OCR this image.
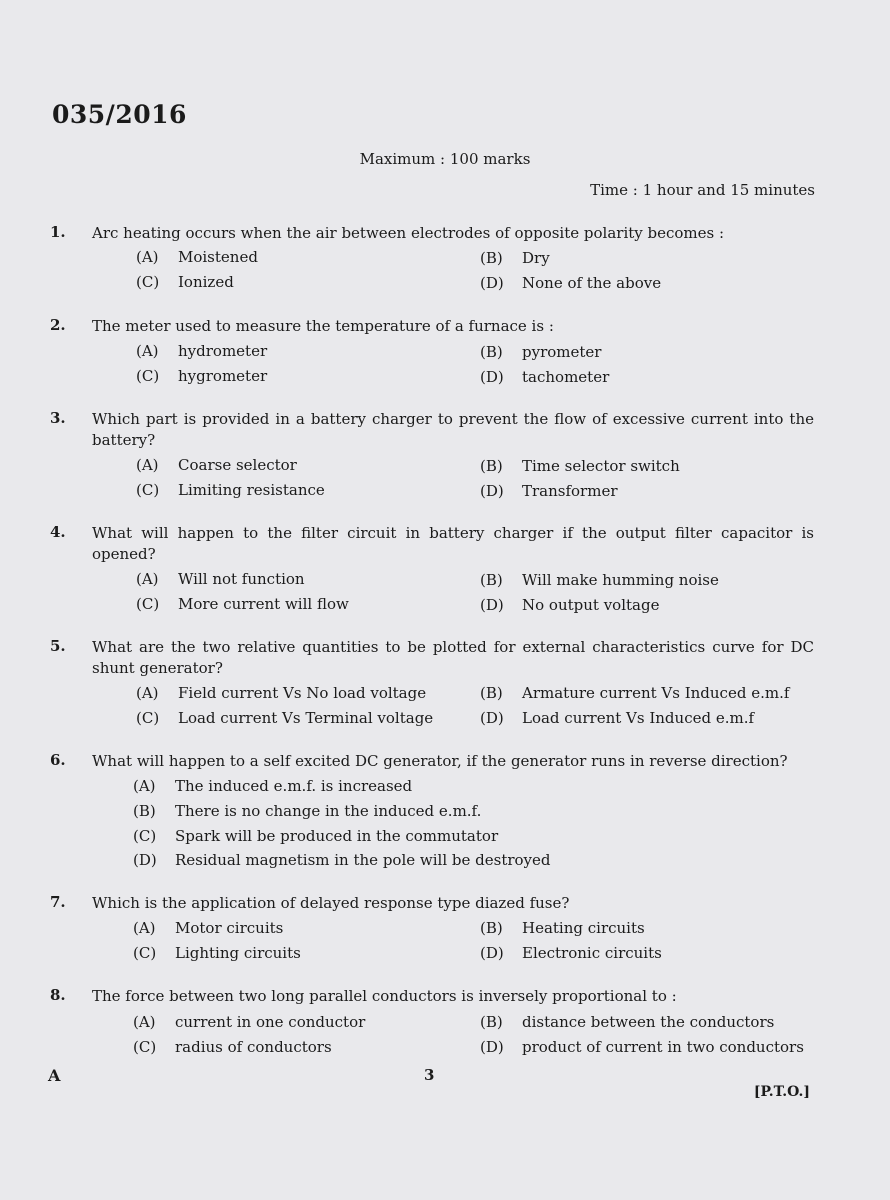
035/2016
Maximum : 100 marks
Time : 1 hour and 15 minutes
1. Arc heating occurs when the air between electrodes of opposite polarity becomes :
(A) Moistened	(B) Dry
(C) Ionized	(D) None of the above
2. The meter used to measure the temperature of a furnace is :
(A) hydrometer	(B) pyrometer
(C) hygrometer	(D) tachometer
3. Which part is provided in a battery charger to prevent the flow of excessive current into the battery?
(A) Coarse selector	(B) Time selector switch
(C) Limiting resistance	(D) Transformer
4. What will happen to the filter circuit in battery charger if the output filter capacitor is opened?
(A) Will not function	(B) Will make humming noise
(C) More current will flow	(D) No output voltage
5. What are the two relative quantities to be plotted for external characteristics curve for DC shunt generator?
(A) Field current Vs No load voltage	(B) Armature current Vs Induced e.m.f
(C) Load current Vs Terminal voltage	(D) Load current Vs Induced e.m.f
6. What will happen to a self excited DC generator, if the generator runs in reverse direction?
(A) The induced e.m.f. is increased
(B) There is no change in the induced e.m.f.
(C) Spark will be produced in the commutator
(D) Residual magnetism in the pole will be destroyed
7. Which is the application of delayed response type diazed fuse?
(A) Motor circuits	(B) Heating circuits
(C) Lighting circuits	(D) Electronic circuits
8. The force between two long parallel conductors is inversely proportional to :
(A) current in one conductor	(B) distance between the conductors
(C) radius of conductors	(D) product of current in two conductors
A	3
[P.T.O.]
